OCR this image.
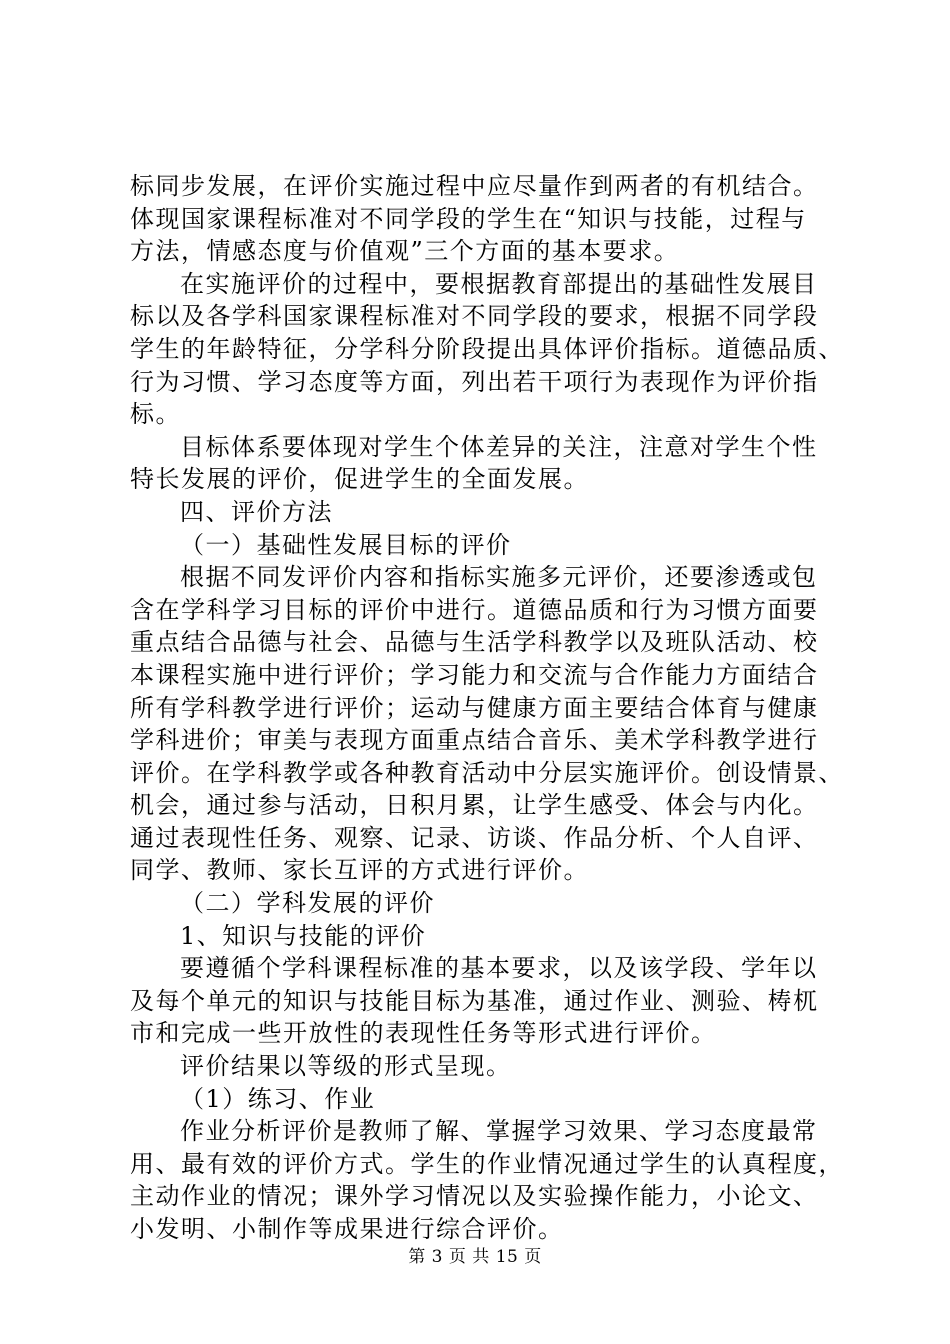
标同步发展，在评价实施过程中应尽量作到两者的有机结合。
体现国家课程标准对不同学段的学生在“知识与技能，过程与
方法，情感态度与价值观”三个方面的基本要求。
在实施评价的过程中，要根据教育部提出的基础性发展目
标以及各学科国家课程标准对不同学段的要求，根据不同学段
学生的年龄特征，分学科分阶段提出具体评价指标。道德品质、
行为习惯、学习态度等方面，列出若干项行为表现作为评价指
标。
目标体系要体现对学生个体差异的关注，注意对学生个性
特长发展的评价，促进学生的全面发展。
四、评价方法
（一）基础性发展目标的评价
根据不同发评价内容和指标实施多元评价，还要渗透或包
含在学科学习目标的评价中进行。道德品质和行为习惯方面要
重点结合品德与社会、品德与生活学科教学以及班队活动、校
本课程实施中进行评价；学习能力和交流与合作能力方面结合
所有学科教学进行评价；运动与健康方面主要结合体育与健康
学科进价；审美与表现方面重点结合音乐、美术学科教学进行
评价。在学科教学或各种教育活动中分层实施评价。创设情景、
机会，通过参与活动，日积月累，让学生感受、体会与内化。
通过表现性任务、观察、记录、访谈、作品分析、个人自评、
同学、教师、家长互评的方式进行评价。
（二）学科发展的评价
1、知识与技能的评价
要遵循个学科课程标准的基本要求，以及该学段、学年以
及每个单元的知识与技能目标为基准，通过作业、测验、梼杌
市和完成一些开放性的表现性任务等形式进行评价。
评价结果以等级的形式呈现。
（1）练习、作业
作业分析评价是教师了解、掌握学习效果、学习态度最常
用、最有效的评价方式。学生的作业情况通过学生的认真程度，
主动作业的情况；课外学习情况以及实验操作能力，小论文、
小发明、小制作等成果进行综合评价。
第 3 页 共 15 页
